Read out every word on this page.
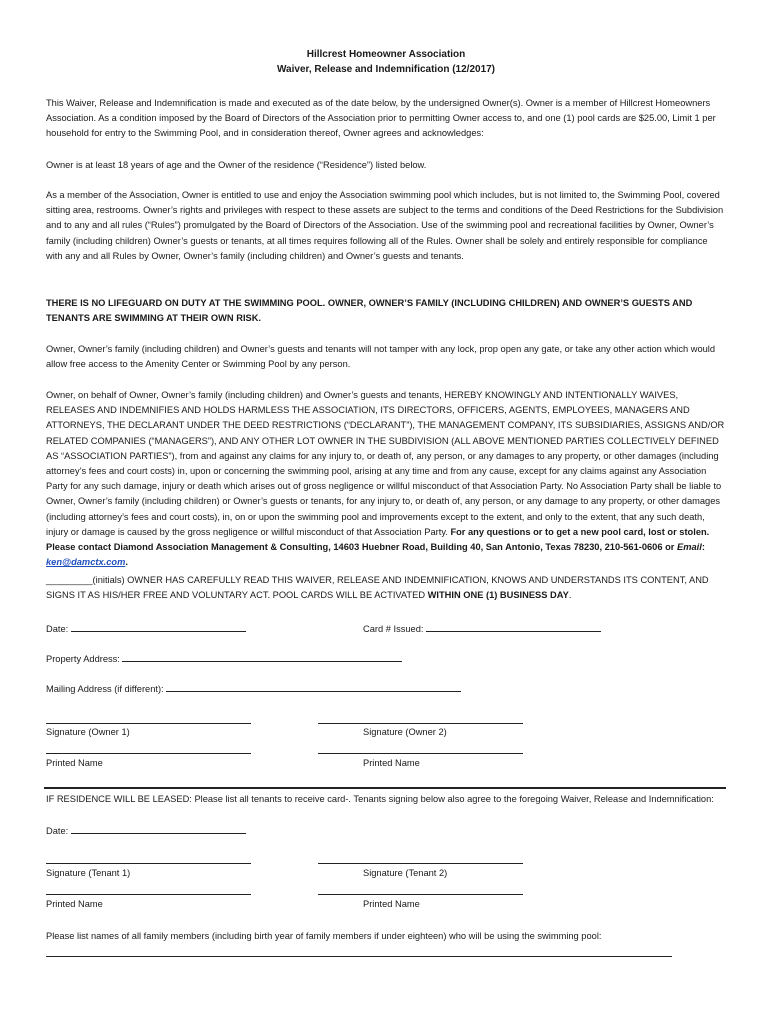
Hillcrest Homeowner Association
Waiver, Release and Indemnification (12/2017)

This Waiver, Release and Indemnification is made and executed as of the date below, by the undersigned Owner(s). Owner is a member of Hillcrest Homeowners Association. As a condition imposed by the Board of Directors of the Association prior to permitting Owner access to, and one (1) pool cards are $25.00, Limit 1 per household for entry to the Swimming Pool, and in consideration thereof, Owner agrees and acknowledges:

Owner is at least 18 years of age and the Owner of the residence (“Residence”) listed below.

As a member of the Association, Owner is entitled to use and enjoy the Association swimming pool which includes, but is not limited to, the Swimming Pool, covered sitting area, restrooms. Owner’s rights and privileges with respect to these assets are subject to the terms and conditions of the Deed Restrictions for the Subdivision and to any and all rules (“Rules”) promulgated by the Board of Directors of the Association. Use of the swimming pool and recreational facilities by Owner, Owner’s family (including children) Owner’s guests or tenants, at all times requires following all of the Rules. Owner shall be solely and entirely responsible for compliance with any and all Rules by Owner, Owner’s family (including children) and Owner’s guests and tenants.

THERE IS NO LIFEGUARD ON DUTY AT THE SWIMMING POOL. OWNER, OWNER’S FAMILY (INCLUDING CHILDREN) AND OWNER’S GUESTS AND TENANTS ARE SWIMMING AT THEIR OWN RISK.

Owner, Owner’s family (including children) and Owner’s guests and tenants will not tamper with any lock, prop open any gate, or take any other action which would allow free access to the Amenity Center or Swimming Pool by any person.

Owner, on behalf of Owner, Owner’s family (including children) and Owner’s guests and tenants, HEREBY KNOWINGLY AND INTENTIONALLY WAIVES, RELEASES AND INDEMNIFIES AND HOLDS HARMLESS THE ASSOCIATION, ITS DIRECTORS, OFFICERS, AGENTS, EMPLOYEES, MANAGERS AND ATTORNEYS, THE DECLARANT UNDER THE DEED RESTRICTIONS (“DECLARANT”), THE MANAGEMENT COMPANY, ITS SUBSIDIARIES, ASSIGNS AND/OR RELATED COMPANIES (“MANAGERS”), AND ANY OTHER LOT OWNER IN THE SUBDIVISION (ALL ABOVE MENTIONED PARTIES COLLECTIVELY DEFINED AS “ASSOCIATION PARTIES”), from and against any claims for any injury to, or death of, any person, or any damages to any property, or other damages (including attorney’s fees and court costs) in, upon or concerning the swimming pool, arising at any time and from any cause, except for any claims against any Association Party for any such damage, injury or death which arises out of gross negligence or willful misconduct of that Association Party. No Association Party shall be liable to Owner, Owner’s family (including children) or Owner’s guests or tenants, for any injury to, or death of, any person, or any damage to any property, or other damages (including attorney’s fees and court costs), in, on or upon the swimming pool and improvements except to the extent, and only to the extent, that any such death, injury or damage is caused by the gross negligence or willful misconduct of that Association Party. For any questions or to get a new pool card, lost or stolen. Please contact Diamond Association Management & Consulting, 14603 Huebner Road, Building 40, San Antonio, Texas 78230, 210-561-0606 or Email: ken@damctx.com.

_________(initials) OWNER HAS CAREFULLY READ THIS WAIVER, RELEASE AND INDEMNIFICATION, KNOWS AND UNDERSTANDS ITS CONTENT, AND SIGNS IT AS HIS/HER FREE AND VOLUNTARY ACT. POOL CARDS WILL BE ACTIVATED WITHIN ONE (1) BUSINESS DAY.

Date:	Card # Issued:
Property Address:
Mailing Address (if different):
Signature (Owner 1)	Signature (Owner 2)
Printed Name	Printed Name

IF RESIDENCE WILL BE LEASED: Please list all tenants to receive card-. Tenants signing below also agree to the foregoing Waiver, Release and Indemnification:

Date:
Signature (Tenant 1)	Signature (Tenant 2)
Printed Name	Printed Name

Please list names of all family members (including birth year of family members if under eighteen) who will be using the swimming pool:
